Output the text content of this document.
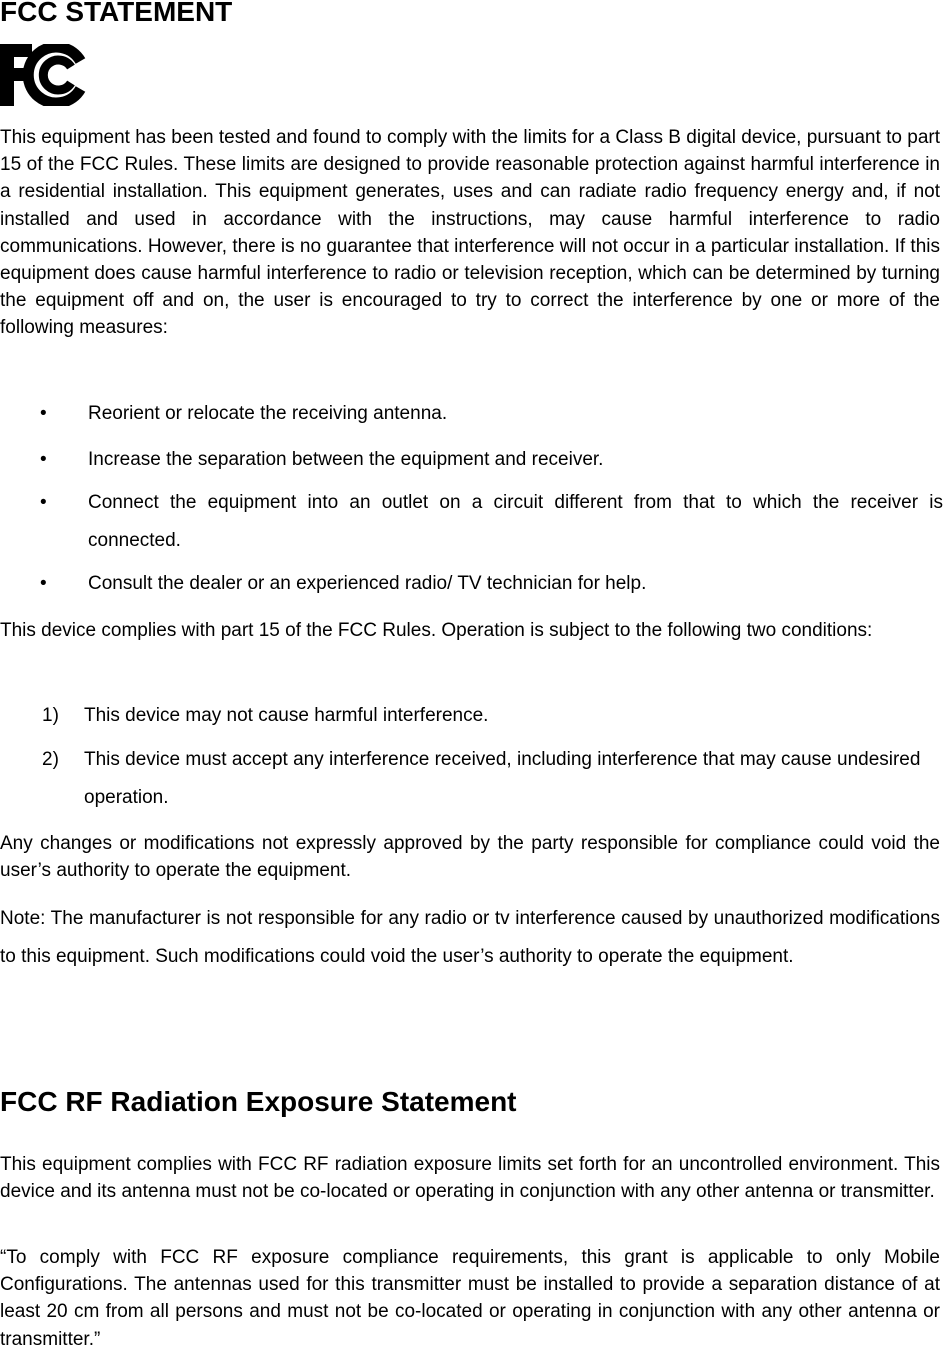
FCC STATEMENT

This equipment has been tested and found to comply with the limits for a Class B digital device, pursuant to part 15 of the FCC Rules. These limits are designed to provide reasonable protection against harmful interference in a residential installation. This equipment generates, uses and can radiate radio frequency energy and, if not installed and used in accordance with the instructions, may cause harmful interference to radio communications. However, there is no guarantee that interference will not occur in a particular installation. If this equipment does cause harmful interference to radio or television reception, which can be determined by turning the equipment off and on, the user is encouraged to try to correct the interference by one or more of the following measures:

• Reorient or relocate the receiving antenna.
• Increase the separation between the equipment and receiver.
• Connect the equipment into an outlet on a circuit different from that to which the receiver is connected.
• Consult the dealer or an experienced radio/ TV technician for help.

This device complies with part 15 of the FCC Rules. Operation is subject to the following two conditions:

1) This device may not cause harmful interference.
2) This device must accept any interference received, including interference that may cause undesired operation.

Any changes or modifications not expressly approved by the party responsible for compliance could void the user’s authority to operate the equipment.

Note: The manufacturer is not responsible for any radio or tv interference caused by unauthorized modifications to this equipment. Such modifications could void the user’s authority to operate the equipment.

FCC RF Radiation Exposure Statement

This equipment complies with FCC RF radiation exposure limits set forth for an uncontrolled environment. This device and its antenna must not be co-located or operating in conjunction with any other antenna or transmitter.

“To comply with FCC RF exposure compliance requirements, this grant is applicable to only Mobile Configurations. The antennas used for this transmitter must be installed to provide a separation distance of at least 20 cm from all persons and must not be co-located or operating in conjunction with any other antenna or transmitter.”
